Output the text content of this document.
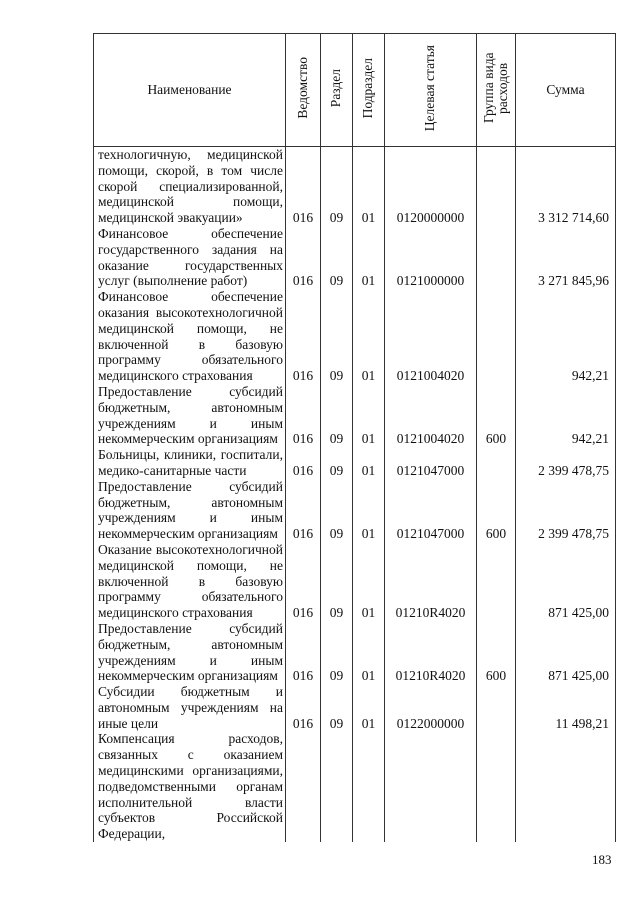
Наименование	Ведомство	Раздел	Подраздел	Целевая статья	Группа вида расходов	Сумма
технологичную, медицинской помощи, скорой, в том числе скорой специализированной, медицинской помощи, медицинской эвакуации»	016	09	01	0120000000		3 312 714,60
Финансовое обеспечение государственного задания на оказание государственных услуг (выполнение работ)	016	09	01	0121000000		3 271 845,96
Финансовое обеспечение оказания высокотехнологичной медицинской помощи, не включенной в базовую программу обязательного медицинского страхования	016	09	01	0121004020		942,21
Предоставление субсидий бюджетным, автономным учреждениям и иным некоммерческим организациям	016	09	01	0121004020	600	942,21
Больницы, клиники, госпитали, медико-санитарные части	016	09	01	0121047000		2 399 478,75
Предоставление субсидий бюджетным, автономным учреждениям и иным некоммерческим организациям	016	09	01	0121047000	600	2 399 478,75
Оказание высокотехнологичной медицинской помощи, не включенной в базовую программу обязательного медицинского страхования	016	09	01	01210R4020		871 425,00
Предоставление субсидий бюджетным, автономным учреждениям и иным некоммерческим организациям	016	09	01	01210R4020	600	871 425,00
Субсидии бюджетным и автономным учреждениям на иные цели	016	09	01	0122000000		11 498,21
Компенсация расходов, связанных с оказанием медицинскими организациями, подведомственными органам исполнительной власти субъектов Российской Федерации,						
183
